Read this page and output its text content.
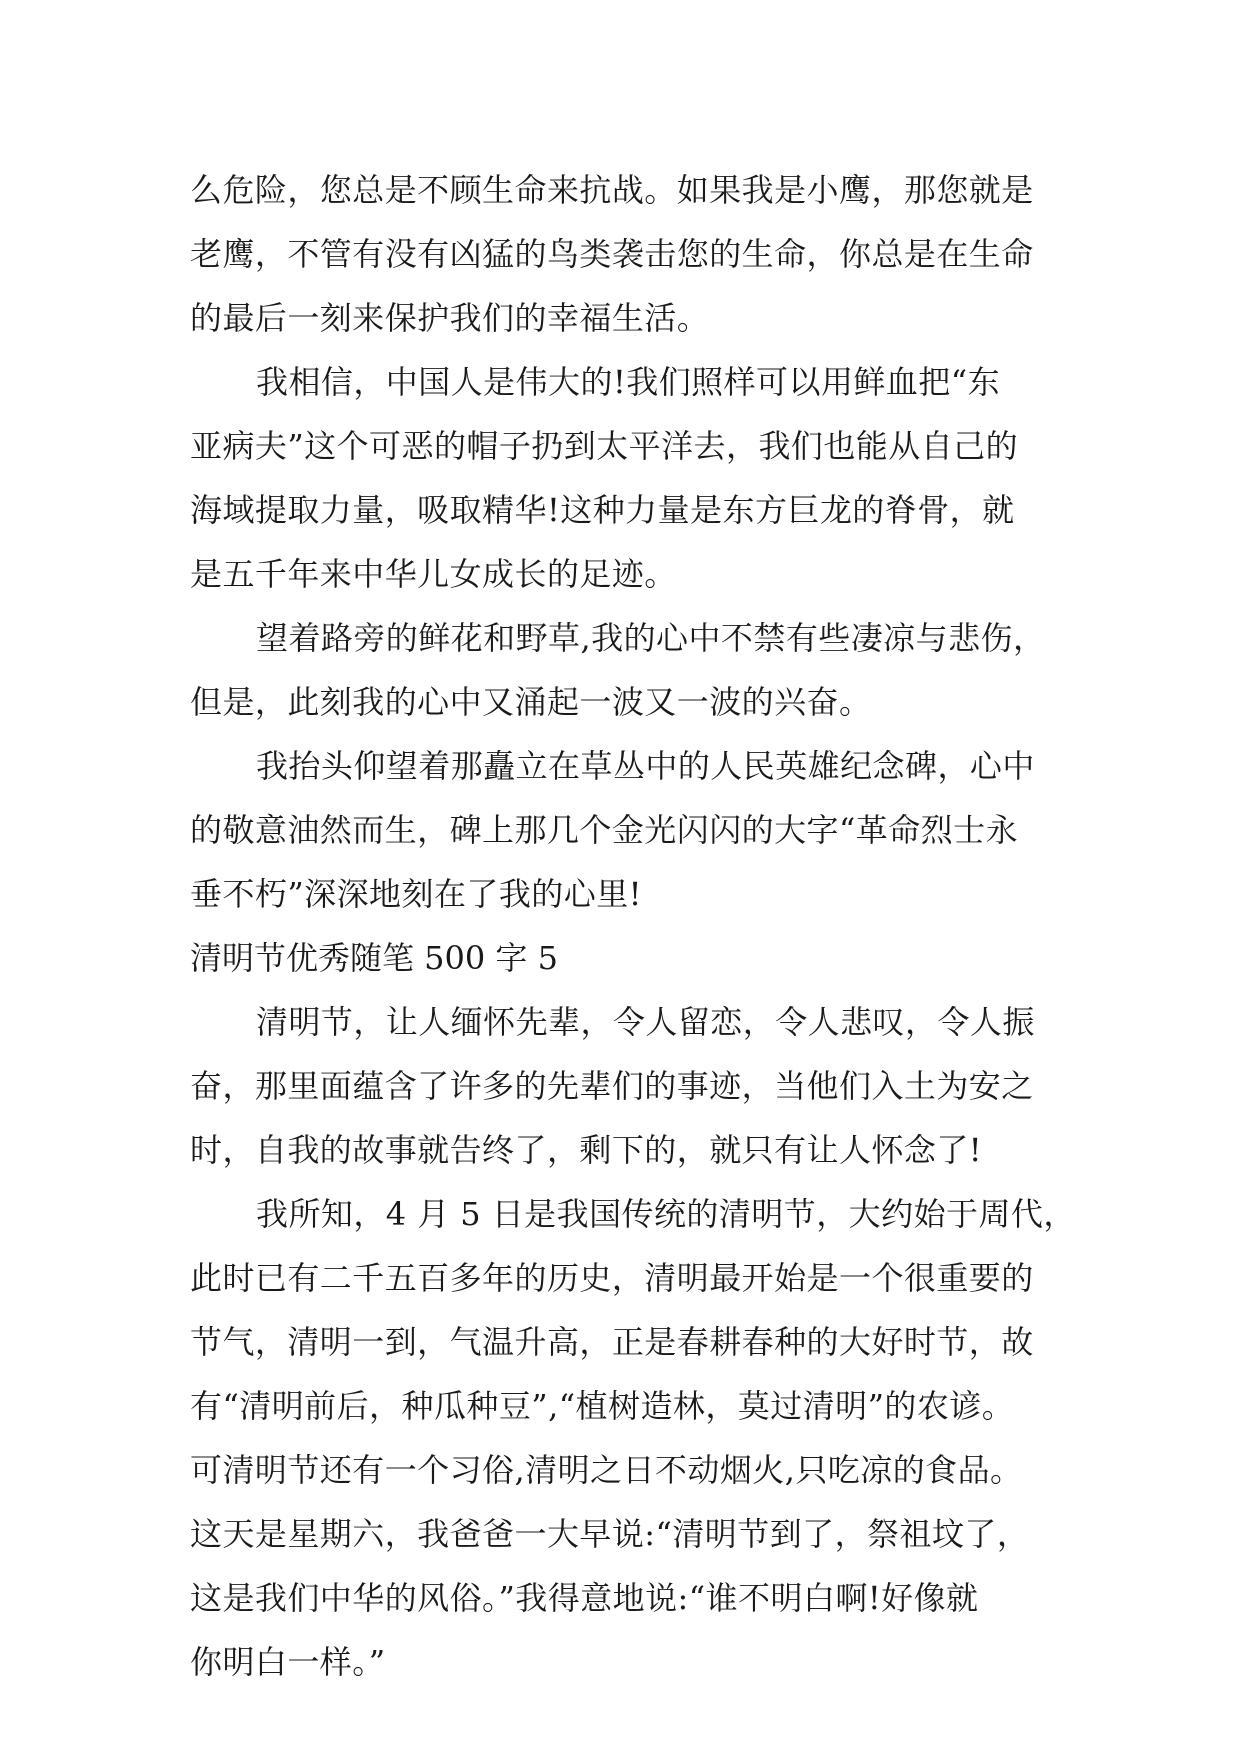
么危险，您总是不顾生命来抗战。如果我是小鹰，那您就是
老鹰，不管有没有凶猛的鸟类袭击您的生命，你总是在生命
的最后一刻来保护我们的幸福生活。
我相信，中国人是伟大的!我们照样可以用鲜血把“东
亚病夫”这个可恶的帽子扔到太平洋去，我们也能从自己的
海域提取力量，吸取精华!这种力量是东方巨龙的脊骨，就
是五千年来中华儿女成长的足迹。
望着路旁的鲜花和野草,我的心中不禁有些凄凉与悲伤，
但是，此刻我的心中又涌起一波又一波的兴奋。
我抬头仰望着那矗立在草丛中的人民英雄纪念碑，心中
的敬意油然而生，碑上那几个金光闪闪的大字“革命烈士永
垂不朽”深深地刻在了我的心里!
清明节优秀随笔 500 字 5
清明节，让人缅怀先辈，令人留恋，令人悲叹，令人振
奋，那里面蕴含了许多的先辈们的事迹，当他们入土为安之
时，自我的故事就告终了，剩下的，就只有让人怀念了!
我所知，4 月 5 日是我国传统的清明节，大约始于周代，
此时已有二千五百多年的历史，清明最开始是一个很重要的
节气，清明一到，气温升高，正是春耕春种的大好时节，故
有“清明前后，种瓜种豆”,“植树造林，莫过清明”的农谚。
可清明节还有一个习俗,清明之日不动烟火,只吃凉的食品。
这天是星期六，我爸爸一大早说:“清明节到了，祭祖坟了，
这是我们中华的风俗。”我得意地说:“谁不明白啊!好像就
你明白一样。”
